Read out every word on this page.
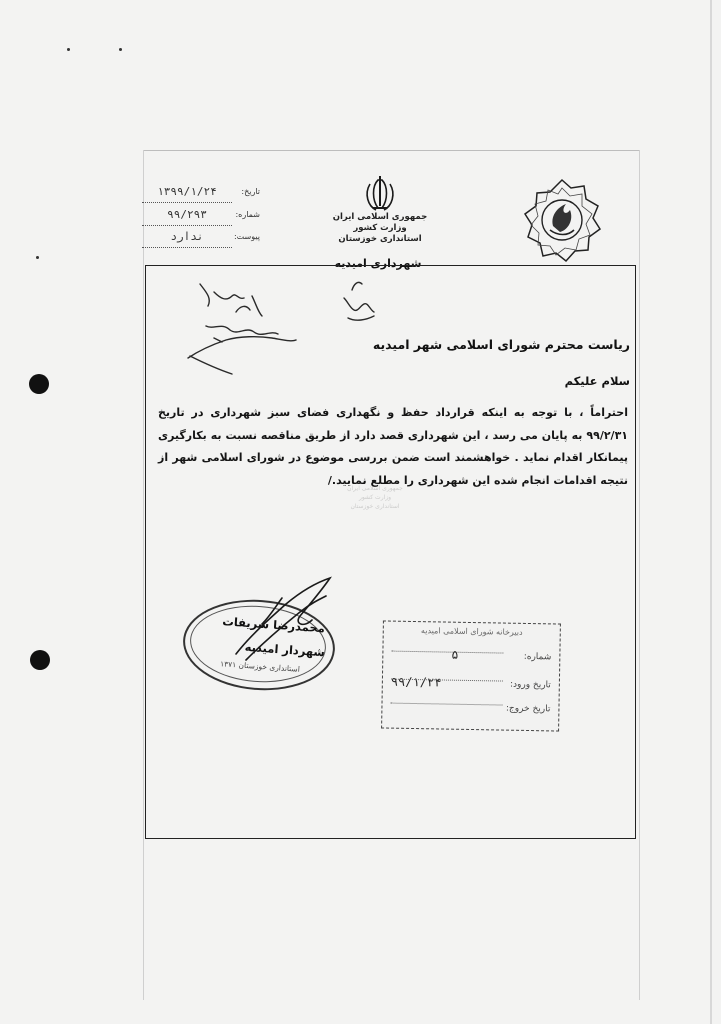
تاریخ:
۱۳۹۹/۱/۲۴
شماره:
۹۹/۲۹۳
پیوست:
ندارد
جمهوری اسلامی ایران
وزارت کشور
استانداری خوزستان
شهرداری امیدیه
ریاست محترم شورای اسلامی شهر امیدیه
سلام علیکم
احتراماً ، با توجه به اینکه قرارداد حفظ و نگهداری فضای سبز شهرداری در تاریخ ۹۹/۲/۳۱ به پایان می رسد ، این شهرداری قصد دارد از طریق مناقصه نسبت به بکارگیری پیمانکار اقدام نماید . خواهشمند است ضمن بررسی موضوع در شورای اسلامی شهر از نتیجه اقدامات انجام شده این شهرداری را مطلع نمایید./
جمهوری اسلامی ایران
وزارت کشور
استانداری خوزستان
محمدرضا شریفات
شهردار امیدیه
استانداری خوزستان ۱۳۷۱
دبیرخانه شورای اسلامی امیدیه
شماره:
۵
تاریخ ورود:
۹۹/۱/۲۴
تاریخ خروج:
